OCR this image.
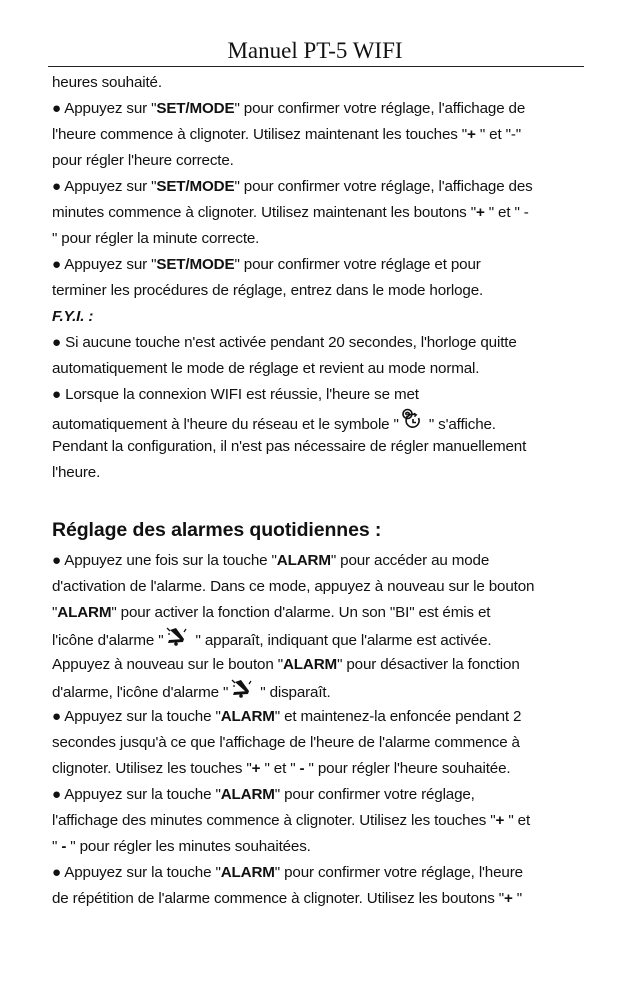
Manuel PT-5 WIFI
heures souhaité.
● Appuyez sur "SET/MODE" pour confirmer votre réglage, l'affichage de
l'heure commence à clignoter. Utilisez maintenant les touches "+ " et "-"
pour régler l'heure correcte.
● Appuyez sur "SET/MODE" pour confirmer votre réglage, l'affichage des
minutes commence à clignoter. Utilisez maintenant les boutons "+ " et " -
" pour régler la minute correcte.
● Appuyez sur "SET/MODE" pour confirmer votre réglage et pour
terminer les procédures de réglage, entrez dans le mode horloge.
F.Y.I. :
● Si aucune touche n'est activée pendant 20 secondes, l'horloge quitte
automatiquement le mode de réglage et revient au mode normal.
● Lorsque la connexion WIFI est réussie, l'heure se met
automatiquement à l'heure du réseau et le symbole " " s'affiche.
Pendant la configuration, il n'est pas nécessaire de régler manuellement
l'heure.
Réglage des alarmes quotidiennes :
● Appuyez une fois sur la touche "ALARM" pour accéder au mode
d'activation de l'alarme. Dans ce mode, appuyez à nouveau sur le bouton
"ALARM" pour activer la fonction d'alarme. Un son "BI" est émis et
l'icône d'alarme " " apparaît, indiquant que l'alarme est activée.
Appuyez à nouveau sur le bouton "ALARM" pour désactiver la fonction
d'alarme, l'icône d'alarme " " disparaît.
● Appuyez sur la touche "ALARM" et maintenez-la enfoncée pendant 2
secondes jusqu'à ce que l'affichage de l'heure de l'alarme commence à
clignoter. Utilisez les touches "+ " et " - " pour régler l'heure souhaitée.
● Appuyez sur la touche "ALARM" pour confirmer votre réglage,
l'affichage des minutes commence à clignoter. Utilisez les touches "+ " et
" - " pour régler les minutes souhaitées.
● Appuyez sur la touche "ALARM" pour confirmer votre réglage, l'heure
de répétition de l'alarme commence à clignoter. Utilisez les boutons "+ "
